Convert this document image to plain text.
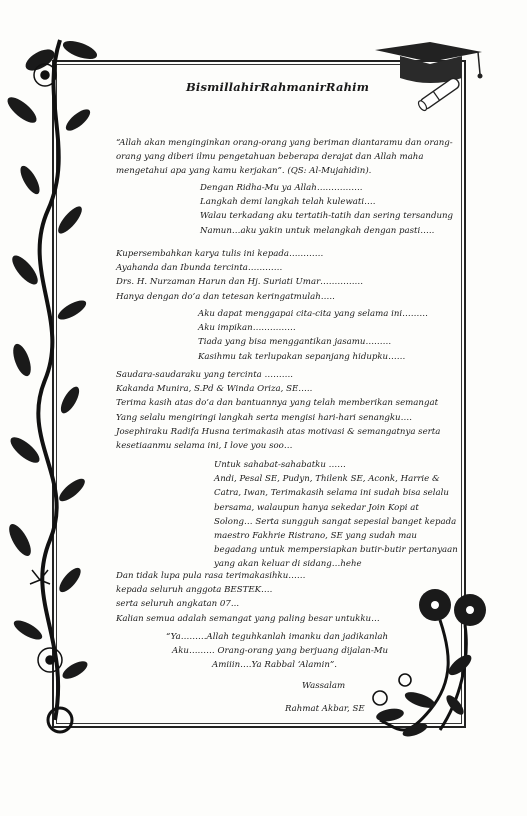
BismillahirRahmanirRahim
“Allah akan menginginkan orang-orang yang beriman diantaramu dan orang-
orang yang diberi ilmu pengetahuan beberapa derajat dan Allah maha
mengetahui apa yang kamu kerjakan”. (QS: Al-Mujahidin).
Dengan Ridha-Mu ya Allah…………….
Langkah demi langkah telah kulewati….
Walau terkadang aku tertatih-tatih dan sering tersandung
Namun…aku yakin untuk melangkah dengan pasti…..
Kupersembahkan karya tulis ini kepada…………
Ayahanda dan Ibunda tercinta…………
Drs. H. Nurzaman Harun dan Hj. Suriati Umar……………
Hanya dengan do’a dan tetesan keringatmulah…..
Aku dapat menggapai cita-cita yang selama ini………
Aku impikan……………
Tiada yang bisa menggantikan jasamu………
Kasihmu tak terlupakan sepanjang hidupku……
Saudara-saudaraku yang tercinta ……….
Kakanda Munira, S.Pd & Winda Oriza, SE…..
Terima kasih atas do’a dan bantuannya yang telah memberikan semangat
Yang selalu mengiringi langkah serta mengisi hari-hari senangku….
Josephiraku Radifa Husna terimakasih atas motivasi & semangatnya serta
kesetiaanmu selama ini, I love you soo…
Untuk sahabat-sahabatku ……
Andi, Pesal SE, Pudyn, Thilenk SE, Aconk, Harrie &
Catra, Iwan, Terimakasih selama ini sudah bisa selalu
bersama, walaupun hanya sekedar Join Kopi at
Solong… Serta sungguh sangat sepesial banget kepada
maestro Fakhrie Ristrano, SE yang sudah mau
begadang untuk mempersiapkan butir-butir pertanyaan
yang akan keluar di sidang…hehe
Dan tidak lupa pula rasa terimakasihku……
kepada seluruh anggota BESTEK….
serta seluruh angkatan 07...
Kalian semua adalah semangat yang paling besar untukku…
“Ya………Allah teguhkanlah imanku dan jadikanlah
Aku……… Orang-orang yang berjuang dijalan-Mu
Amiiin….Ya Rabbal ‘Alamin”.
Wassalam
Rahmat Akbar, SE
